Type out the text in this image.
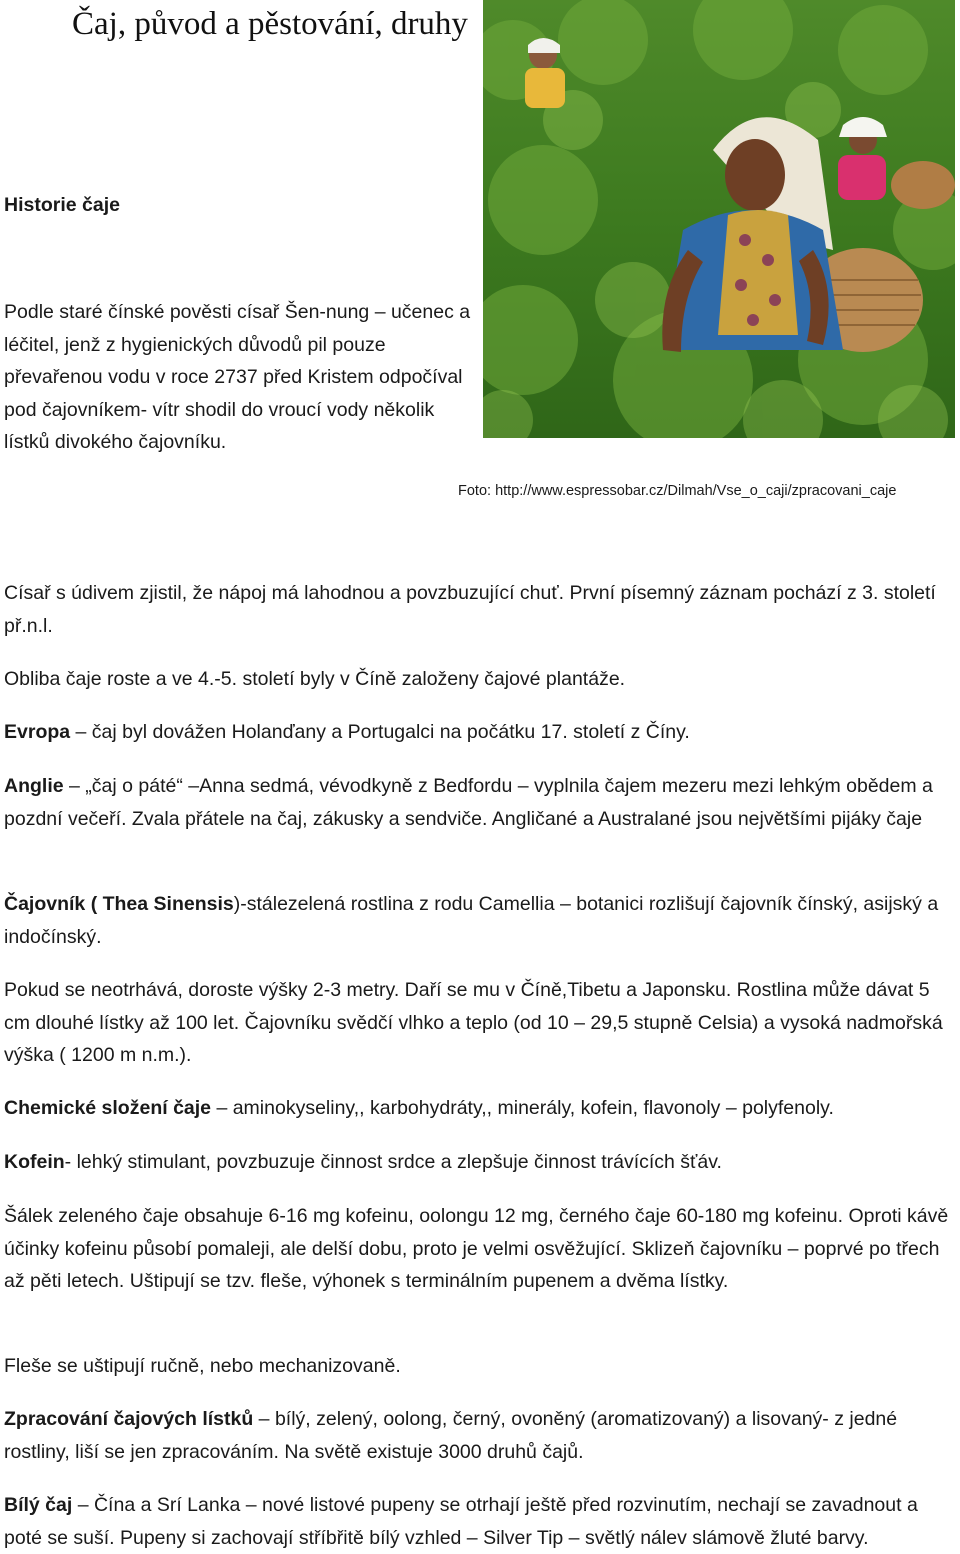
Čaj, původ a pěstování, druhy
Historie čaje

Podle staré čínské pověsti císař Šen-nung – učenec a léčitel, jenž z hygienických důvodů pil pouze převařenou vodu v roce 2737 před Kristem odpočíval pod čajovníkem- vítr shodil do vroucí vody několik lístků divokého čajovníku.

Foto: http://www.espressobar.cz/Dilmah/Vse_o_caji/zpracovani_caje

Císař s údivem zjistil, že nápoj má lahodnou a povzbuzující chuť. První písemný záznam pochází z 3. století př.n.l.

Obliba čaje roste a ve 4.-5. století byly v Číně založeny čajové plantáže.

Evropa – čaj byl dovážen Holanďany a Portugalci na počátku 17. století z Číny.

Anglie – „čaj o páté“ –Anna sedmá, vévodkyně z Bedfordu – vyplnila čajem mezeru mezi lehkým obědem a pozdní večeří. Zvala přátele na čaj, zákusky a sendviče. Angličané a Australané jsou největšími pijáky čaje

Čajovník ( Thea Sinensis)-stálezelená rostlina z rodu Camellia – botanici rozlišují čajovník čínský, asijský a indočínský.

Pokud se neotrhává, doroste výšky 2-3 metry. Daří se mu v Číně,Tibetu a Japonsku. Rostlina může dávat 5 cm dlouhé lístky až 100 let. Čajovníku svědčí vlhko a teplo (od 10 – 29,5 stupně Celsia) a vysoká nadmořská výška ( 1200 m n.m.).

Chemické složení čaje – aminokyseliny,, karbohydráty,, minerály, kofein, flavonoly – polyfenoly.

Kofein- lehký stimulant, povzbuzuje činnost srdce a zlepšuje činnost trávících šťáv.

Šálek zeleného čaje obsahuje 6-16 mg kofeinu, oolongu 12 mg, černého čaje 60-180 mg kofeinu. Oproti kávě účinky kofeinu působí pomaleji, ale delší dobu, proto je velmi osvěžující. Sklizeň čajovníku – poprvé po třech až pěti letech. Uštipují se tzv. fleše, výhonek s terminálním pupenem a dvěma lístky.

Fleše se uštipují ručně, nebo mechanizovaně.

Zpracování čajových lístků – bílý, zelený, oolong, černý, ovoněný (aromatizovaný) a lisovaný- z jedné rostliny, liší se jen zpracováním. Na světě existuje 3000 druhů čajů.

Bílý čaj – Čína a Srí Lanka – nové listové pupeny se otrhají ještě před rozvinutím, nechají se zavadnout a poté se suší. Pupeny si zachovají stříbřitě bílý vzhled – Silver Tip – světlý nálev slámově žluté barvy.
